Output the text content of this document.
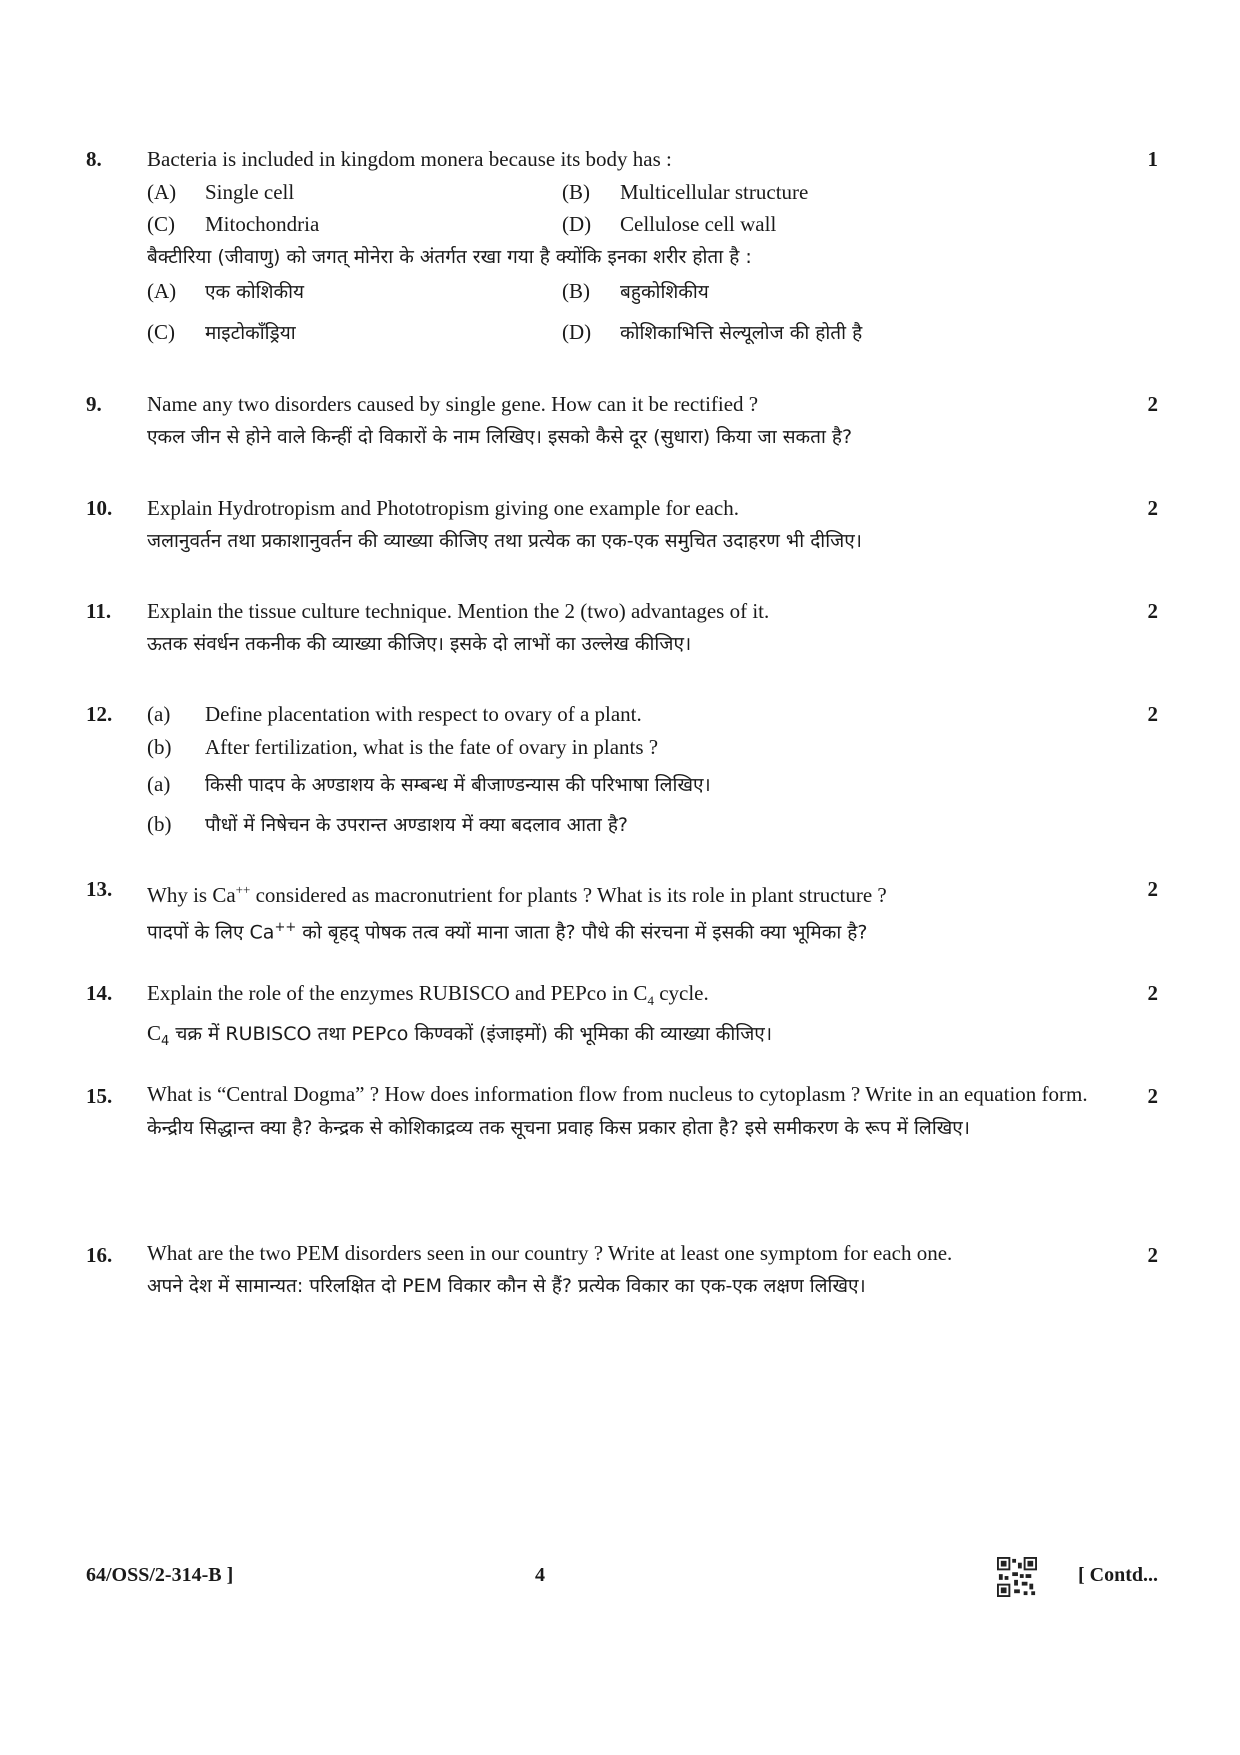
8.	1
Bacteria is included in kingdom monera because its body has :
(A) Single cell	(B) Multicellular structure
(C) Mitochondria	(D) Cellulose cell wall
बैक्टीरिया (जीवाणु) को जगत् मोनेरा के अंतर्गत रखा गया है क्योंकि इनका शरीर होता है :
(A) एक कोशिकीय	(B) बहुकोशिकीय
(C) माइटोकॉंड्रिया	(D) कोशिकाभित्ति सेल्यूलोज की होती है
9.	2
Name any two disorders caused by single gene. How can it be rectified ?
एकल जीन से होने वाले किन्हीं दो विकारों के नाम लिखिए। इसको कैसे दूर (सुधारा) किया जा सकता है?
10.	2
Explain Hydrotropism and Phototropism giving one example for each.
जलानुवर्तन तथा प्रकाशानुवर्तन की व्याख्या कीजिए तथा प्रत्येक का एक-एक समुचित उदाहरण भी दीजिए।
11.	2
Explain the tissue culture technique. Mention the 2 (two) advantages of it.
ऊतक संवर्धन तकनीक की व्याख्या कीजिए। इसके दो लाभों का उल्लेख कीजिए।
12.	2
(a) Define placentation with respect to ovary of a plant.
(b) After fertilization, what is the fate of ovary in plants ?
(a) किसी पादप के अण्डाशय के सम्बन्ध में बीजाण्डन्यास की परिभाषा लिखिए।
(b) पौधों में निषेचन के उपरान्त अण्डाशय में क्या बदलाव आता है?
13.	2
Why is Ca++ considered as macronutrient for plants ? What is its role in plant structure ?
पादपों के लिए Ca++ को बृहद् पोषक तत्व क्यों माना जाता है? पौधे की संरचना में इसकी क्या भूमिका है?
14.	2
Explain the role of the enzymes RUBISCO and PEPco in $C_4$ cycle.
$C_4$ चक्र में RUBISCO तथा PEPco किण्वकों (इंजाइमों) की भूमिका की व्याख्या कीजिए।
15.	2
What is “Central Dogma” ? How does information flow from nucleus to cytoplasm ? Write in an equation form.
केन्द्रीय सिद्धान्त क्या है? केन्द्रक से कोशिकाद्रव्य तक सूचना प्रवाह किस प्रकार होता है? इसे समीकरण के रूप में लिखिए।
16.	2
What are the two PEM disorders seen in our country ? Write at least one symptom for each one.
अपने देश में सामान्यत: परिलक्षित दो PEM विकार कौन से हैं? प्रत्येक विकार का एक-एक लक्षण लिखिए।
64/OSS/2-314-B ]	4	[ Contd...
